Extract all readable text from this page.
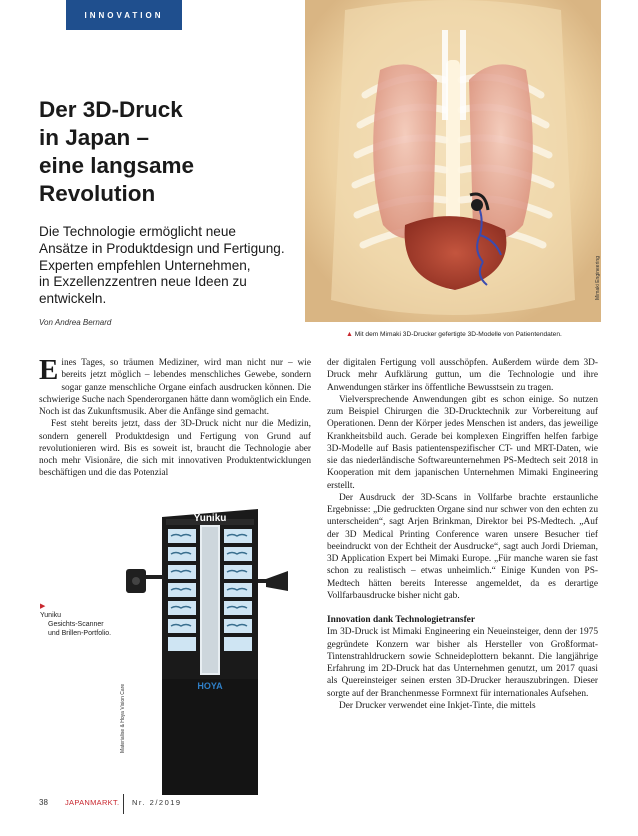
INNOVATION
Der 3D-Druck
in Japan –
eine langsame
Revolution
Die Technologie ermöglicht neue
Ansätze in Produktdesign und Fertigung.
Experten empfehlen Unternehmen,
in Exzellenzzentren neue Ideen zu
entwickeln.
Von Andrea Bernard
Mimaki Engineering
▲ Mit dem Mimaki 3D-Drucker gefertigte 3D-Modelle von Patientendaten.

Eines Tages, so träumen Mediziner, wird man nicht nur – wie bereits jetzt möglich – lebendes menschliches Gewebe, sondern sogar ganze menschliche Organe einfach ausdrucken können. Die schwierige Suche nach Spenderorganen hätte dann womöglich ein Ende. Noch ist das Zukunftsmusik. Aber die Anfänge sind gemacht.

Fest steht bereits jetzt, dass der 3D-Druck nicht nur die Medizin, sondern generell Produktdesign und Fertigung von Grund auf revolutionieren wird. Bis es soweit ist, braucht die Technologie aber noch mehr Visionäre, die sich mit innovativen Produktentwicklungen beschäftigen und die das Potenzial

der digitalen Fertigung voll ausschöpfen. Außerdem würde dem 3D-Druck mehr Aufklärung guttun, um die Technologie und ihre Anwendungen stärker ins öffentliche Bewusstsein zu tragen.

Vielversprechende Anwendungen gibt es schon einige. So nutzen zum Beispiel Chirurgen die 3D-Drucktechnik zur Vorbereitung auf Operationen. Denn der Körper jedes Menschen ist anders, das jeweilige Krankheitsbild auch. Gerade bei komplexen Eingriffen helfen farbige 3D-Modelle auf Basis patientenspezifischer CT- und MRT-Daten, wie sie das niederländische Softwareunternehmen PS-Medtech seit 2018 in Kooperation mit dem japanischen Unternehmen Mimaki Engineering erstellt.

Der Ausdruck der 3D-Scans in Vollfarbe brachte erstaunliche Ergebnisse: „Die gedruckten Organe sind nur schwer von den echten zu unterscheiden“, sagt Arjen Brinkman, Direktor bei PS-Medtech. „Auf der 3D Medical Printing Conference waren unsere Besucher tief beeindruckt von der Echtheit der Ausdrucke“, sagt auch Jordi Drieman, 3D Application Expert bei Mimaki Europe. „Für manche waren sie fast schon zu realistisch – etwas unheimlich.“ Einige Kunden von PS-Medtech hätten bereits Interesse angemeldet, da es derartige Vollfarbausdrucke bisher nicht gab.

Innovation dank Technologietransfer

Im 3D-Druck ist Mimaki Engineering ein Neueinsteiger, denn der 1975 gegründete Konzern war bisher als Hersteller von Großformat-Tintenstrahldruckern sowie Schneideplottern bekannt. Die langjährige Erfahrung im 2D-Druck hat das Unternehmen genutzt, um 2017 quasi als Quereinsteiger seinen ersten 3D-Drucker herauszubringen. Dieser sorgte auf der Branchenmesse Formnext für internationales Aufsehen.

Der Drucker verwendet eine Inkjet-Tinte, die mittels

Yuniku
HOYA
Materialise & Hoya Vision Care
▶
Yuniku
Gesichts-Scanner
und Brillen-Portfolio.
38 JAPANMARKT. Nr. 2/2019
